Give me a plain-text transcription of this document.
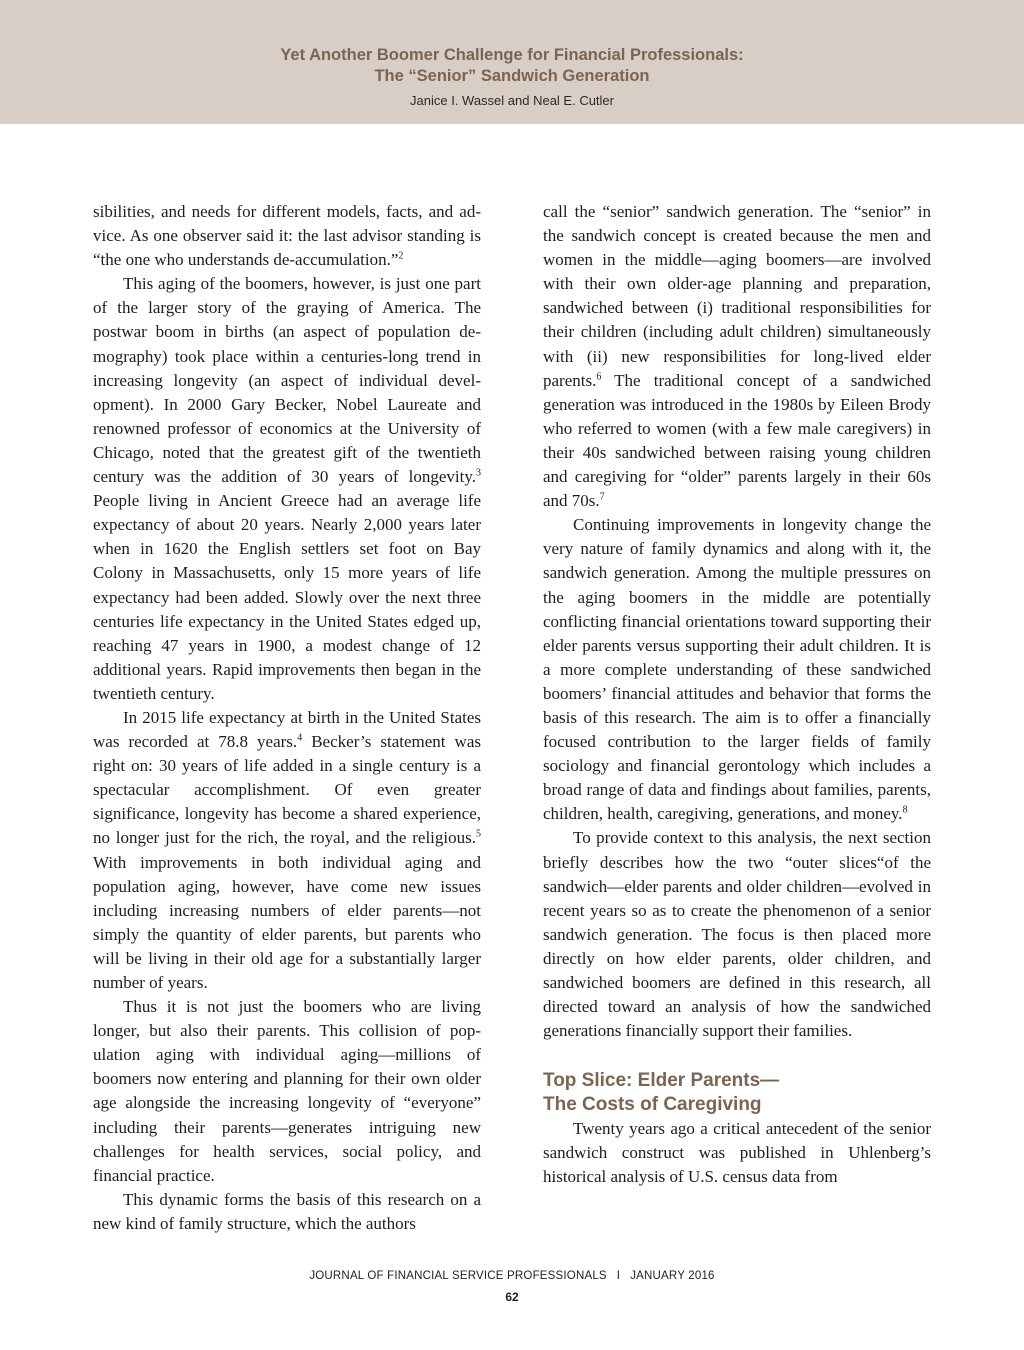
Yet Another Boomer Challenge for Financial Professionals:
The “Senior” Sandwich Generation
Janice I. Wassel and Neal E. Cutler

sibilities, and needs for different models, facts, and advice. As one observer said it: the last advisor standing is “the one who understands de-accumulation.”$^2$

This aging of the boomers, however, is just one part of the larger story of the graying of America. The postwar boom in births (an aspect of population demography) took place within a centuries-long trend in increasing longevity (an aspect of individual development). In 2000 Gary Becker, Nobel Laureate and renowned professor of economics at the University of Chicago, noted that the greatest gift of the twentieth century was the addition of 30 years of longevity.$^3$ People living in Ancient Greece had an average life expectancy of about 20 years. Nearly 2,000 years later when in 1620 the English settlers set foot on Bay Colony in Massachusetts, only 15 more years of life expectancy had been added. Slowly over the next three centuries life expectancy in the United States edged up, reaching 47 years in 1900, a modest change of 12 additional years. Rapid improvements then began in the twentieth century.

In 2015 life expectancy at birth in the United States was recorded at 78.8 years.$^4$ Becker’s statement was right on: 30 years of life added in a single century is a spectacular accomplishment. Of even greater significance, longevity has become a shared experience, no longer just for the rich, the royal, and the religious.$^5$ With improvements in both individual aging and population aging, however, have come new issues including increasing numbers of elder parents—not simply the quantity of elder parents, but parents who will be living in their old age for a substantially larger number of years.

Thus it is not just the boomers who are living longer, but also their parents. This collision of population aging with individual aging—millions of boomers now entering and planning for their own older age alongside the increasing longevity of “everyone” including their parents—generates intriguing new challenges for health services, social policy, and financial practice.

This dynamic forms the basis of this research on a new kind of family structure, which the authors

call the “senior” sandwich generation. The “senior” in the sandwich concept is created because the men and women in the middle—aging boomers—are involved with their own older-age planning and preparation, sandwiched between (i) traditional responsibilities for their children (including adult children) simultaneously with (ii) new responsibilities for long-lived elder parents.$^6$ The traditional concept of a sandwiched generation was introduced in the 1980s by Eileen Brody who referred to women (with a few male caregivers) in their 40s sandwiched between raising young children and caregiving for “older” parents largely in their 60s and 70s.$^7$

Continuing improvements in longevity change the very nature of family dynamics and along with it, the sandwich generation. Among the multiple pressures on the aging boomers in the middle are potentially conflicting financial orientations toward supporting their elder parents versus supporting their adult children. It is a more complete understanding of these sandwiched boomers’ financial attitudes and behavior that forms the basis of this research. The aim is to offer a financially focused contribution to the larger fields of family sociology and financial gerontology which includes a broad range of data and findings about families, parents, children, health, caregiving, generations, and money.$^8$

To provide context to this analysis, the next section briefly describes how the two “outer slices“of the sandwich—elder parents and older children—evolved in recent years so as to create the phenomenon of a senior sandwich generation. The focus is then placed more directly on how elder parents, older children, and sandwiched boomers are defined in this research, all directed toward an analysis of how the sandwiched generations financially support their families.

Top Slice: Elder Parents—
The Costs of Caregiving

Twenty years ago a critical antecedent of the senior sandwich construct was published in Uhlenberg’s historical analysis of U.S. census data from

JOURNAL OF FINANCIAL SERVICE PROFESSIONALS I JANUARY 2016
62
